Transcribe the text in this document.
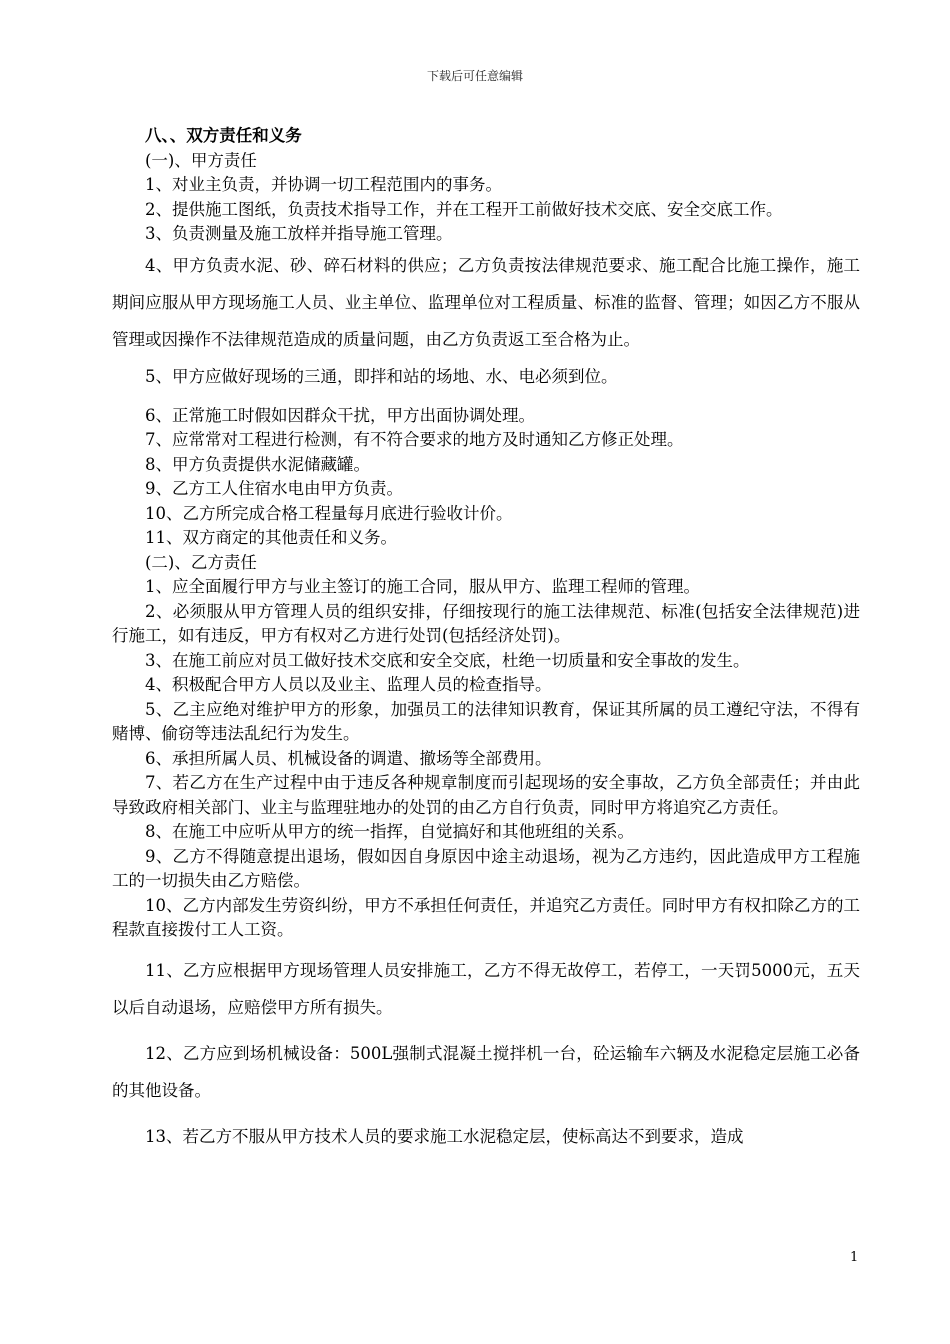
下载后可任意编辑

八、、双方责任和义务

(一)、甲方责任

1、对业主负责，并协调一切工程范围内的事务。

2、提供施工图纸，负责技术指导工作，并在工程开工前做好技术交底、安全交底工作。

3、负责测量及施工放样并指导施工管理。

4、甲方负责水泥、砂、碎石材料的供应；乙方负责按法律规范要求、施工配合比施工操作，施工期间应服从甲方现场施工人员、业主单位、监理单位对工程质量、标准的监督、管理；如因乙方不服从管理或因操作不法律规范造成的质量问题，由乙方负责返工至合格为止。

5、甲方应做好现场的三通，即拌和站的场地、水、电必须到位。

6、正常施工时假如因群众干扰，甲方出面协调处理。

7、应常常对工程进行检测，有不符合要求的地方及时通知乙方修正处理。

8、甲方负责提供水泥储藏罐。

9、乙方工人住宿水电由甲方负责。

10、乙方所完成合格工程量每月底进行验收计价。

11、双方商定的其他责任和义务。

(二)、乙方责任

1、应全面履行甲方与业主签订的施工合同，服从甲方、监理工程师的管理。

2、必须服从甲方管理人员的组织安排，仔细按现行的施工法律规范、标准(包括安全法律规范)进行施工，如有违反，甲方有权对乙方进行处罚(包括经济处罚)。

3、在施工前应对员工做好技术交底和安全交底，杜绝一切质量和安全事故的发生。

4、积极配合甲方人员以及业主、监理人员的检查指导。

5、乙主应绝对维护甲方的形象，加强员工的法律知识教育，保证其所属的员工遵纪守法，不得有赌博、偷窃等违法乱纪行为发生。

6、承担所属人员、机械设备的调遣、撤场等全部费用。

7、若乙方在生产过程中由于违反各种规章制度而引起现场的安全事故，乙方负全部责任；并由此导致政府相关部门、业主与监理驻地办的处罚的由乙方自行负责，同时甲方将追究乙方责任。

8、在施工中应听从甲方的统一指挥，自觉搞好和其他班组的关系。

9、乙方不得随意提出退场，假如因自身原因中途主动退场，视为乙方违约，因此造成甲方工程施工的一切损失由乙方赔偿。

10、乙方内部发生劳资纠纷，甲方不承担任何责任，并追究乙方责任。同时甲方有权扣除乙方的工程款直接拨付工人工资。

11、乙方应根据甲方现场管理人员安排施工，乙方不得无故停工，若停工，一天罚5000元，五天以后自动退场，应赔偿甲方所有损失。

12、乙方应到场机械设备：500L强制式混凝土搅拌机一台，砼运输车六辆及水泥稳定层施工必备的其他设备。

13、若乙方不服从甲方技术人员的要求施工水泥稳定层，使标高达不到要求，造成

1
